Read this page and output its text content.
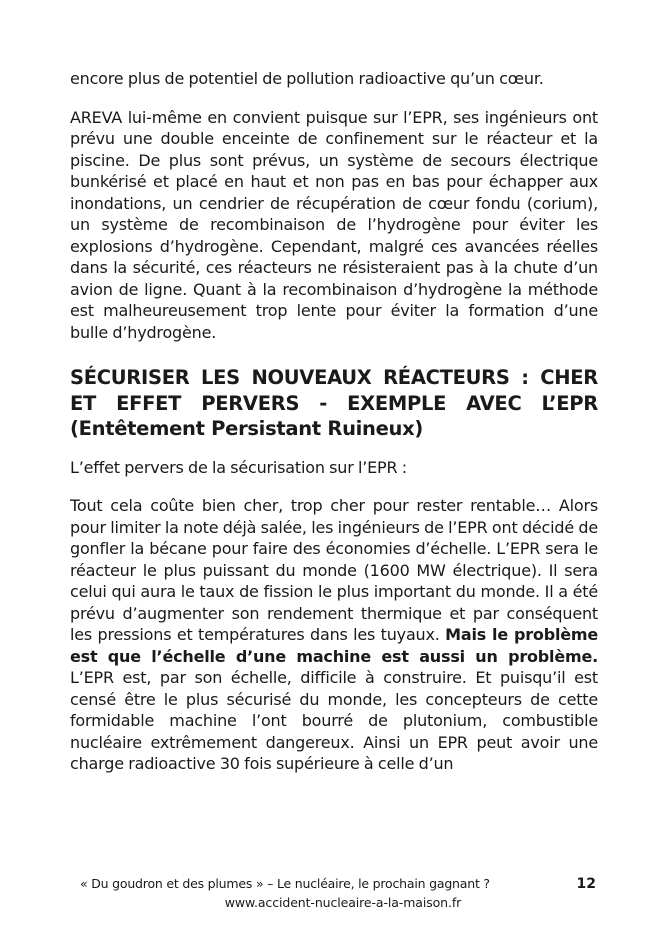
encore plus de potentiel de pollution radioactive qu’un cœur.

AREVA lui-même en convient puisque sur l’EPR, ses ingénieurs ont prévu une double enceinte de confinement sur le réacteur et la piscine. De plus sont prévus, un système de secours électrique bunkérisé et placé en haut et non pas en bas pour échapper aux inondations, un cendrier de récupération de cœur fondu (corium), un système de recombinaison de l’hydrogène pour éviter les explosions d’hydrogène. Cependant, malgré ces avancées réelles dans la sécurité, ces réacteurs ne résisteraient pas à la chute d’un avion de ligne. Quant à la recombinaison d’hydrogène la méthode est malheureusement trop lente pour éviter la formation d’une bulle d’hydrogène.

SÉCURISER LES NOUVEAUX RÉACTEURS : CHER ET EFFET PERVERS - EXEMPLE AVEC L’EPR (Entêtement Persistant Ruineux)

L’effet pervers de la sécurisation sur l’EPR :

Tout cela coûte bien cher, trop cher pour rester rentable… Alors pour limiter la note déjà salée, les ingénieurs de l’EPR ont décidé de gonfler la bécane pour faire des économies d’échelle. L’EPR sera le réacteur le plus puissant du monde (1600 MW électrique). Il sera celui qui aura le taux de fission le plus important du monde. Il a été prévu d’augmenter son rendement thermique et par conséquent les pressions et températures dans les tuyaux. Mais le problème est que l’échelle d’une machine est aussi un problème. L’EPR est, par son échelle, difficile à construire. Et puisqu’il est censé être le plus sécurisé du monde, les concepteurs de cette formidable machine l’ont bourré de plutonium, combustible nucléaire extrêmement dangereux. Ainsi un EPR peut avoir une charge radioactive 30 fois supérieure à celle d’un

« Du goudron et des plumes » – Le nucléaire, le prochain gagnant ?	12
www.accident-nucleaire-a-la-maison.fr
